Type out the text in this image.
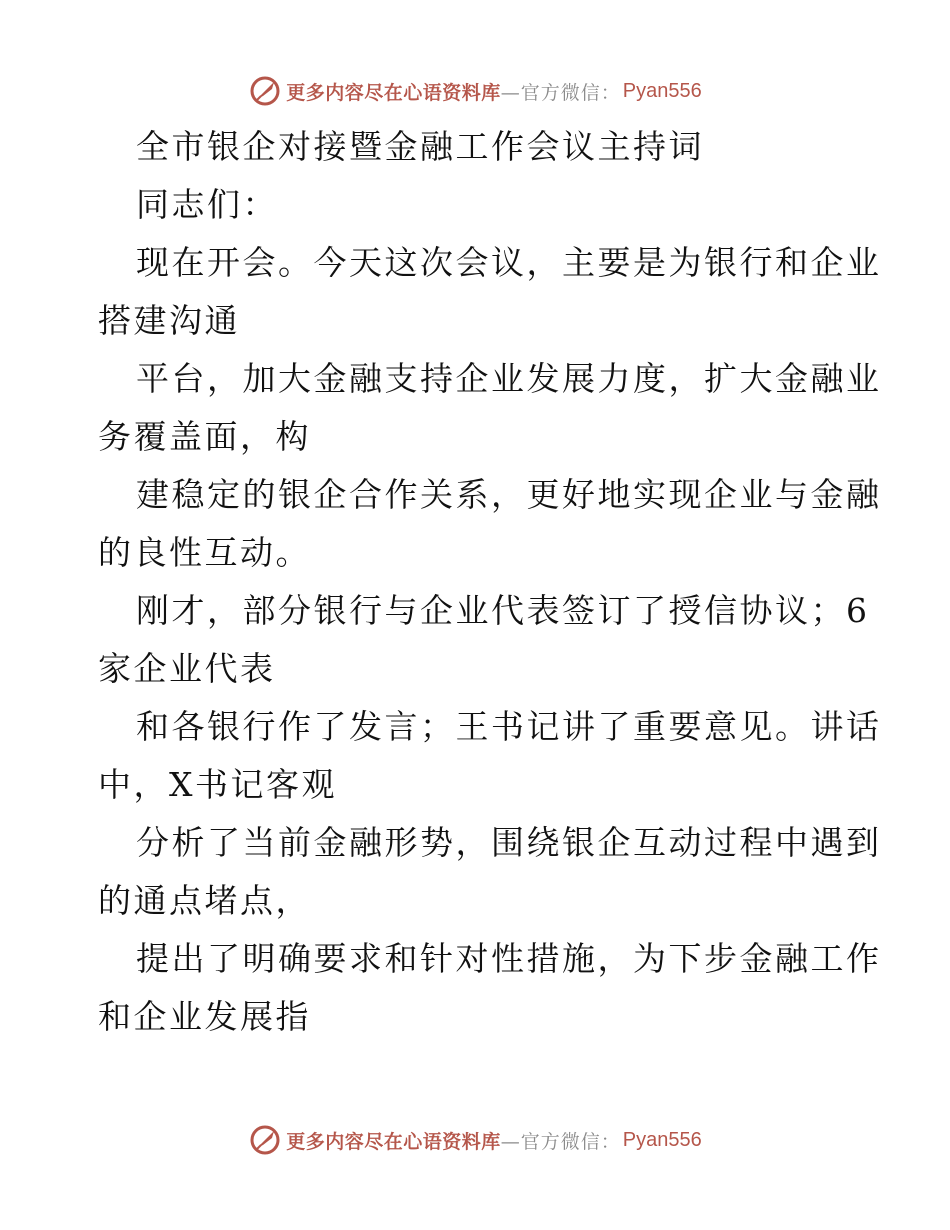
更多内容尽在心语资料库 —官方微信： Pyan556

全市银企对接暨金融工作会议主持词

同志们：

现在开会。今天这次会议，主要是为银行和企业

搭建沟通

平台，加大金融支持企业发展力度，扩大金融业

务覆盖面，构

建稳定的银企合作关系，更好地实现企业与金融

的良性互动。

刚才，部分银行与企业代表签订了授信协议；6

家企业代表

和各银行作了发言；王书记讲了重要意见。讲话

中，X书记客观

分析了当前金融形势，围绕银企互动过程中遇到

的通点堵点，

提出了明确要求和针对性措施，为下步金融工作

和企业发展指

更多内容尽在心语资料库 —官方微信： Pyan556
